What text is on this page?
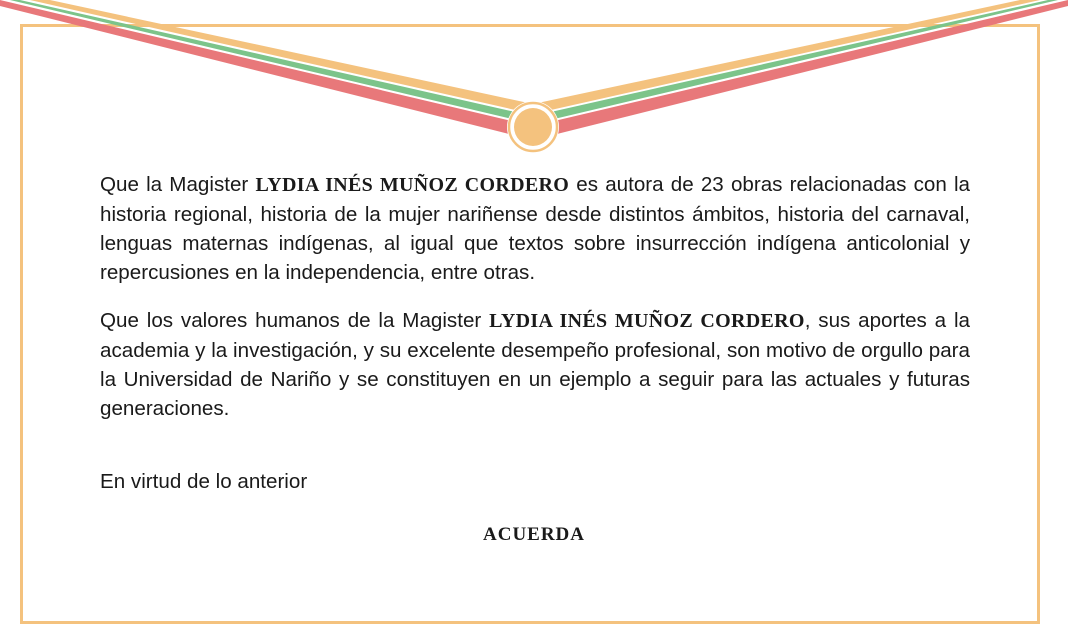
Que la Magister LYDIA INÉS MUÑOZ CORDERO es autora de 23 obras relacionadas con la historia regional, historia de la mujer nariñense desde distintos ámbitos, historia del carnaval, lenguas maternas indígenas, al igual que textos sobre insurrección indígena anticolonial y repercusiones en la independencia, entre otras.

Que los valores humanos de la Magister LYDIA INÉS MUÑOZ CORDERO, sus aportes a la academia y la investigación, y su excelente desempeño profesional, son motivo de orgullo para la Universidad de Nariño y se constituyen en un ejemplo a seguir para las actuales y futuras generaciones.

En virtud de lo anterior

ACUERDA
